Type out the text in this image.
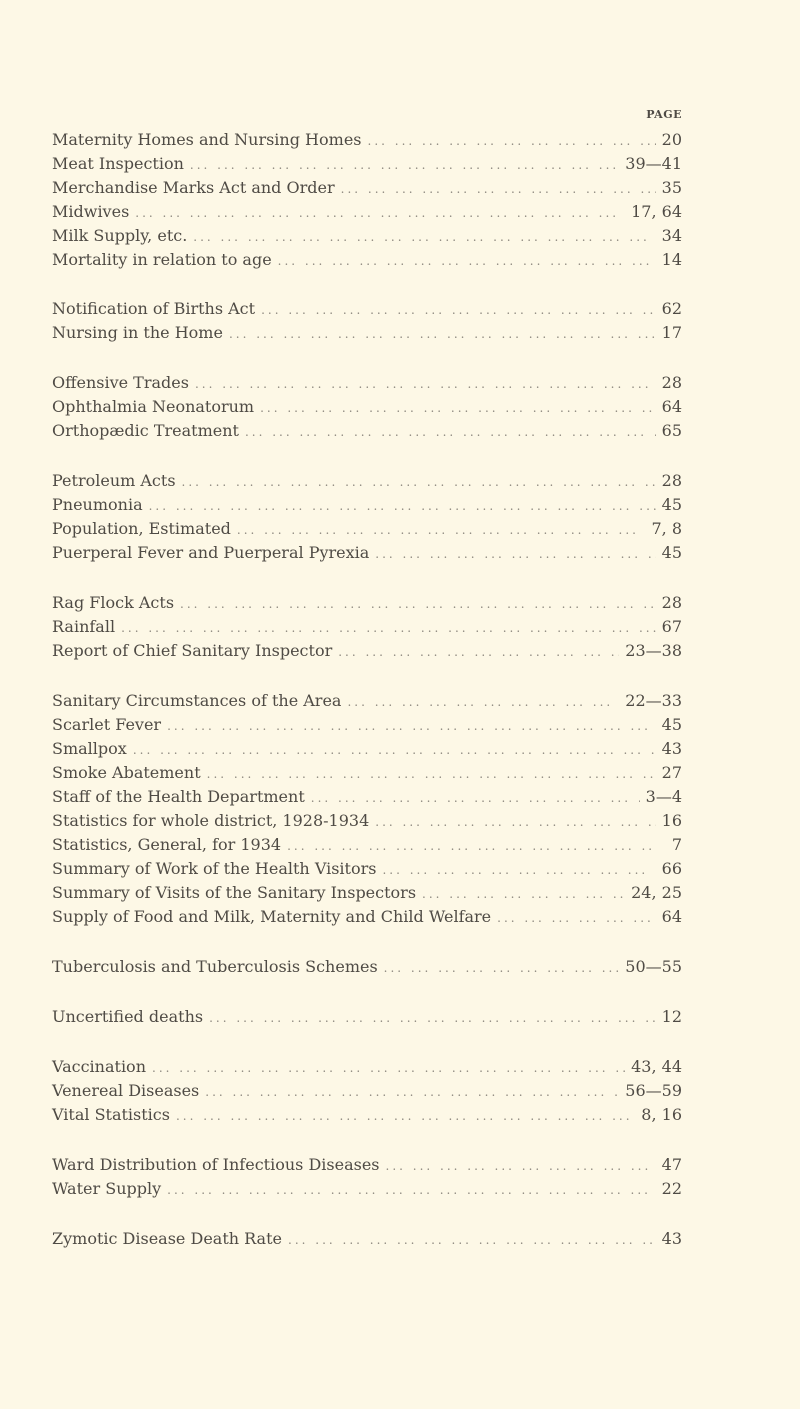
PAGE
Maternity Homes and Nursing Homes ... .	20
Meat Inspection ... .	39—41
Merchandise Marks Act and Order ... .	35
Midwives ... .	17, 64
Milk Supply, etc. ... .	34
Mortality in relation to age ... .	14
Notification of Births Act ... .	62
Nursing in the Home ... .	17
Offensive Trades ... .	28
Ophthalmia Neonatorum ... .	64
Orthopædic Treatment ... .	65
Petroleum Acts ... .	28
Pneumonia ... .	45
Population, Estimated ... .	7, 8
Puerperal Fever and Puerperal Pyrexia ... .	45
Rag Flock Acts ... .	28
Rainfall ... .	67
Report of Chief Sanitary Inspector ... .	23—38
Sanitary Circumstances of the Area ... .	22—33
Scarlet Fever ... .	45
Smallpox ... .	43
Smoke Abatement ... .	27
Staff of the Health Department ... .	3—4
Statistics for whole district, 1928-1934 ... .	16
Statistics, General, for 1934 ... .	7
Summary of Work of the Health Visitors ... .	66
Summary of Visits of the Sanitary Inspectors ... .	24, 25
Supply of Food and Milk, Maternity and Child Welfare ... .	64
Tuberculosis and Tuberculosis Schemes ... .	50—55
Uncertified deaths ... .	12
Vaccination ... .	43, 44
Venereal Diseases ... .	56—59
Vital Statistics ... .	8, 16
Ward Distribution of Infectious Diseases ... .	47
Water Supply ... .	22
Zymotic Disease Death Rate ... .	43
